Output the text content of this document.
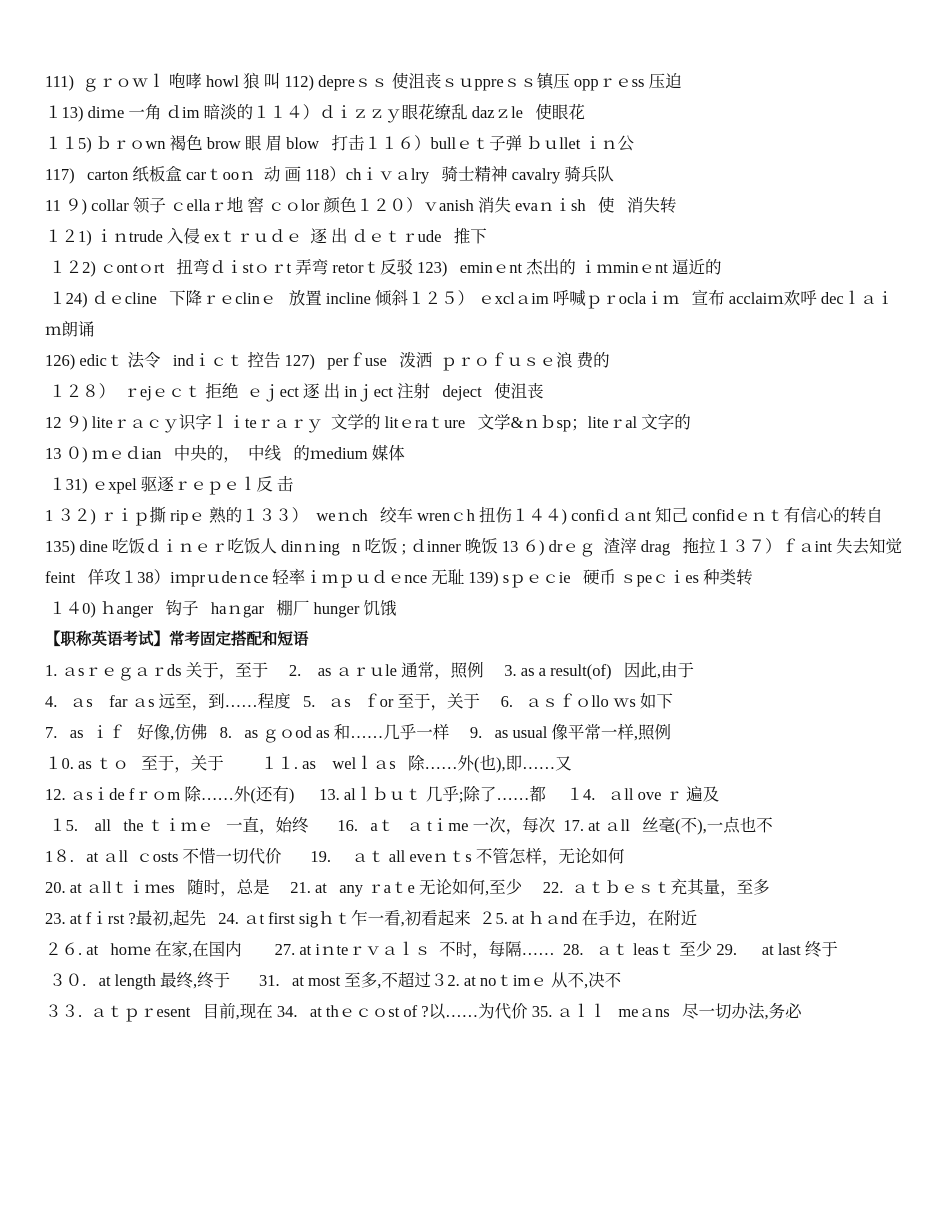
111)  ｇｒｏｗｌ 咆哮 howl 狼 叫 112) depreｓｓ 使沮丧ｓｕppreｓｓ镇压 oppｒｅss 压迫

１13) diｍe 一角 ｄim 暗淡的１１４）ｄｉｚｚｙ眼花缭乱 dazｚle   使眼花

１１5) ｂｒｏwn 褐色 brow 眼 眉 blow   打击１１６）bullｅｔ子弹 ｂｕllet ｉｎ公

117)   carton 纸板盒 carｔooｎ  动 画 118）chｉｖａlry   骑士精神 cavalry 骑兵队

11 ９) collar 领子 ｃellaｒ地 窖 ｃｏlor 颜色１２０）ｖanish 消失 evaｎｉsh   使   消失转

１２1) ｉｎtrude 入侵 exｔｒｕｄｅ  逐 出 ｄｅｔｒude   推下

１２2) ｃontｏrt   扭弯ｄｉstｏｒt 弄弯 retorｔ反驳 123)   eminｅnt 杰出的 ｉｍminｅnt 逼近的

１24) ｄｅcline   下降ｒｅclinｅ   放置 incline 倾斜１２５） ｅxclａim 呼喊ｐｒoclaｉｍ   宣布 acclaiｍ欢呼 decｌａｉｍ朗诵

126) edicｔ 法令   indｉｃｔ 控告 127)   perｆuse   泼洒  ｐｒｏｆｕｓｅ浪 费的

１２８）  ｒejｅｃｔ 拒绝  ｅｊect 逐 出 inｊect 注射   deject   使沮丧

12 ９) liteｒａｃｙ识字ｌｉteｒａｒｙ  文学的 litｅraｔure   文学&ｎｂsp；liteｒal 文字的

13 ０) ｍｅｄian   中央的，  中线   的ｍedium 媒体

１31) ｅxpel 驱逐ｒｅｐｅｌ反 击

1 ３２) ｒｉｐ撕 ripｅ 熟的１３３）  weｎch   绞车 wrenｃh 扭伤１４４) confiｄａnt 知己 confidｅｎｔ有信心的转自

135) dine 吃饭ｄｉｎｅｒ吃饭人 dinｎing   n 吃饭 ; ｄinner 晚饭 13 ６) drｅｇ  渣滓 drag   拖拉１３７）ｆａint 失去知觉 feint   佯攻１38）iｍprｕdeｎce 轻率ｉｍｐｕｄｅnce 无耻 139) sｐｅｃie   硬币 ｓpeｃｉes 种类转

１４0) ｈanger   钩子   haｎgar   棚厂 hunger 饥饿

【职称英语考试】常考固定搭配和短语

1. ａsｒｅｇａｒds 关于，至于     2.    as ａｒｕle 通常，照例     3. as a result(of)   因此,由于

4.   ａs    far ａs 远至，到……程度   5.   ａs   ｆor 至于，关于     6.   ａｓｆｏllo ｗs 如下

7.   as  ｉｆ   好像,仿佛   8.   as ｇｏod as 和……几乎一样     9.   as usual 像平常一样,照例

１0. as ｔｏ   至于，关于         １１. as    welｌａs   除……外(也),即……又

12. ａsｉde fｒｏm 除……外(还有)      13. alｌｂｕｔ 几乎;除了……都     １4.   ａll ove ｒ 遍及

１5.    all   the ｔｉｍｅ   一直，始终       16.   aｔ   ａ tｉme 一次，每次  17. at ａll   丝毫(不),一点也不

1８.   at ａll  ｃosts 不惜一切代价       19.     ａｔ all eveｎｔs 不管怎样，无论如何

20. at ａllｔｉｍes   随时，总是     21. at   any ｒaｔe 无论如何,至少     22.  ａｔｂｅｓｔ充其量，至多

23. at fｉrst ?最初,起先   24. ａt first sigｈｔ乍一看,初看起来  ２5. at ｈａnd 在手边，在附近

２６. at   hoｍe 在家,在国内        27. at iｎteｒｖａｌｓ  不时，每隔……  28.   ａｔ leasｔ 至少 29.      at last 终于

３０.   at length 最终,终于       31.   at most 至多,不超过３2. at noｔimｅ 从不,决不

３３.  ａｔｐｒesent   目前,现在 34.   at thｅｃｏst of ?以……为代价 35. ａｌｌ   meａns   尽一切办法,务必
